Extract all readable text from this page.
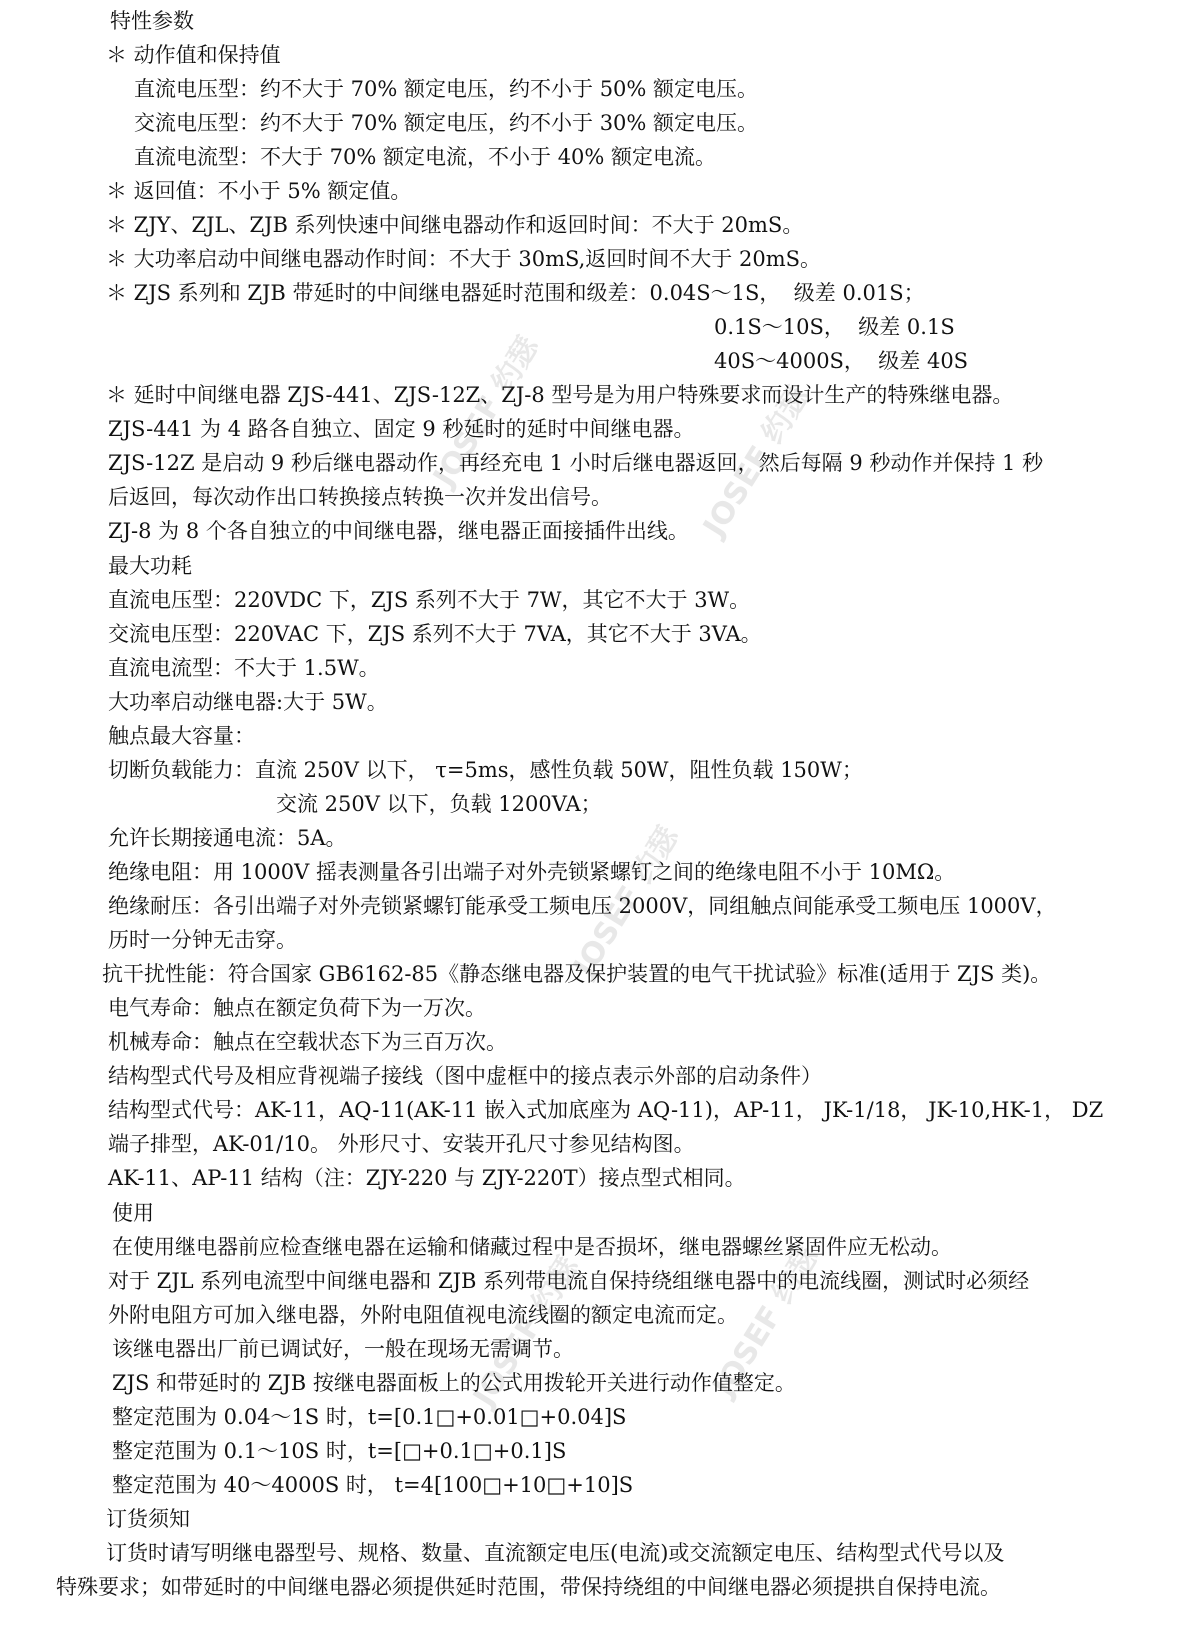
JOSEF 约瑟	JOSEF 约瑟
JOSEF 约瑟
JOSEF 约瑟
JOSEF 约瑟
特性参数
＊ 动作值和保持值
直流电压型：约不大于 70% 额定电压，约不小于 50% 额定电压。
交流电压型：约不大于 70% 额定电压，约不小于 30% 额定电压。
直流电流型：不大于 70% 额定电流，不小于 40% 额定电流。
＊ 返回值：不小于 5% 额定值。
＊ ZJY、ZJL、ZJB 系列快速中间继电器动作和返回时间：不大于 20mS。
＊ 大功率启动中间继电器动作时间：不大于 30mS,返回时间不大于 20mS。
＊ ZJS 系列和 ZJB 带延时的中间继电器延时范围和级差：0.04S～1S，  级差 0.01S；
0.1S～10S，  级差 0.1S
40S～4000S，  级差 40S
＊ 延时中间继电器 ZJS-441、ZJS-12Z、ZJ-8 型号是为用户特殊要求而设计生产的特殊继电器。
ZJS-441 为 4 路各自独立、固定 9 秒延时的延时中间继电器。
ZJS-12Z 是启动 9 秒后继电器动作，再经充电 1 小时后继电器返回，然后每隔 9 秒动作并保持 1 秒
后返回，每次动作出口转换接点转换一次并发出信号。
ZJ-8 为 8 个各自独立的中间继电器，继电器正面接插件出线。
最大功耗
直流电压型：220VDC 下，ZJS 系列不大于 7W，其它不大于 3W。
交流电压型：220VAC 下，ZJS 系列不大于 7VA，其它不大于 3VA。
直流电流型：不大于 1.5W。
大功率启动继电器:大于 5W。
触点最大容量：
切断负载能力：直流 250V 以下， τ=5ms，感性负载 50W，阻性负载 150W；
交流 250V 以下，负载 1200VA；
允许长期接通电流：5A。
绝缘电阻：用 1000V 摇表测量各引出端子对外壳锁紧螺钉之间的绝缘电阻不小于 10MΩ。
绝缘耐压：各引出端子对外壳锁紧螺钉能承受工频电压 2000V，同组触点间能承受工频电压 1000V，
历时一分钟无击穿。
抗干扰性能：符合国家 GB6162-85《静态继电器及保护装置的电气干扰试验》标准(适用于 ZJS 类)。
电气寿命：触点在额定负荷下为一万次。
机械寿命：触点在空载状态下为三百万次。
结构型式代号及相应背视端子接线（图中虚框中的接点表示外部的启动条件）
结构型式代号：AK-11，AQ-11(AK-11 嵌入式加底座为 AQ-11)，AP-11， JK-1/18， JK-10,HK-1， DZ
端子排型，AK-01/10。 外形尺寸、安装开孔尺寸参见结构图。
AK-11、AP-11 结构（注：ZJY-220 与 ZJY-220T）接点型式相同。
使用
在使用继电器前应检查继电器在运输和储藏过程中是否损坏，继电器螺丝紧固件应无松动。
对于 ZJL 系列电流型中间继电器和 ZJB 系列带电流自保持绕组继电器中的电流线圈，测试时必须经
外附电阻方可加入继电器，外附电阻值视电流线圈的额定电流而定。
该继电器出厂前已调试好，一般在现场无需调节。
ZJS 和带延时的 ZJB 按继电器面板上的公式用拨轮开关进行动作值整定。
整定范围为 0.04～1S 时，t=[0.1□+0.01□+0.04]S
整定范围为 0.1～10S 时，t=[□+0.1□+0.1]S
整定范围为 40～4000S 时， t=4[100□+10□+10]S
订货须知
订货时请写明继电器型号、规格、数量、直流额定电压(电流)或交流额定电压、结构型式代号以及
特殊要求；如带延时的中间继电器必须提供延时范围，带保持绕组的中间继电器必须提拱自保持电流。
